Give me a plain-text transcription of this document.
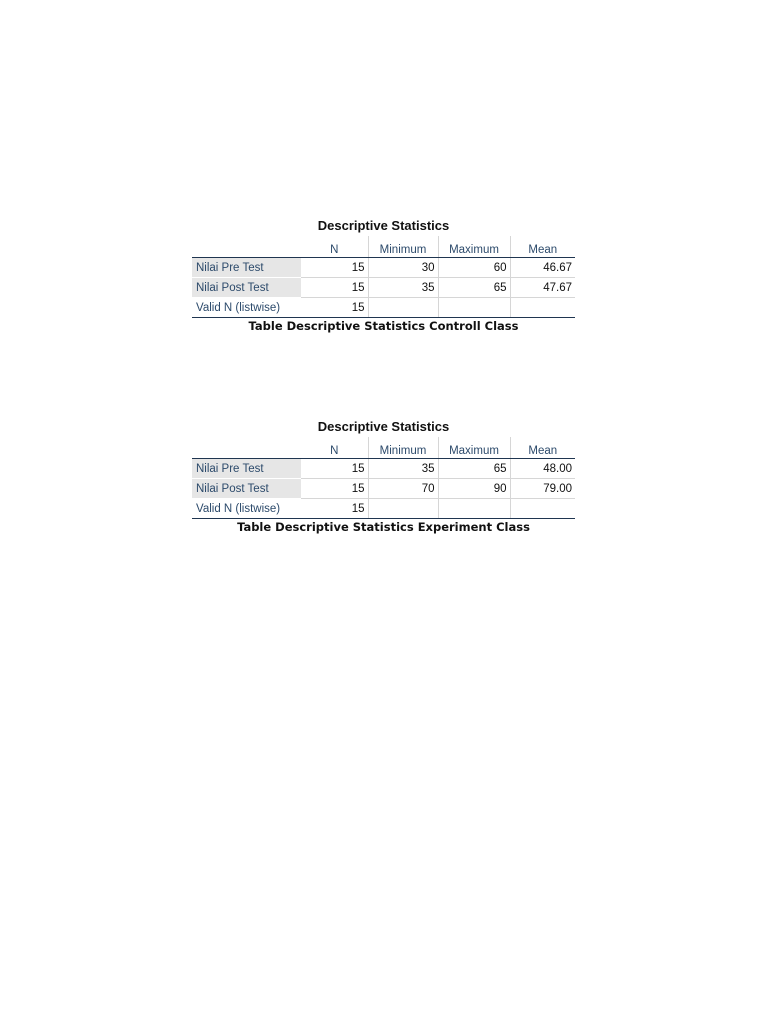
Descriptive Statistics
	N	Minimum	Maximum	Mean
Nilai Pre Test	15	30	60	46.67
Nilai Post Test	15	35	65	47.67
Valid N (listwise)	15			
Table Descriptive Statistics Controll Class
Descriptive Statistics
	N	Minimum	Maximum	Mean
Nilai Pre Test	15	35	65	48.00
Nilai Post Test	15	70	90	79.00
Valid N (listwise)	15			
Table Descriptive Statistics Experiment Class
